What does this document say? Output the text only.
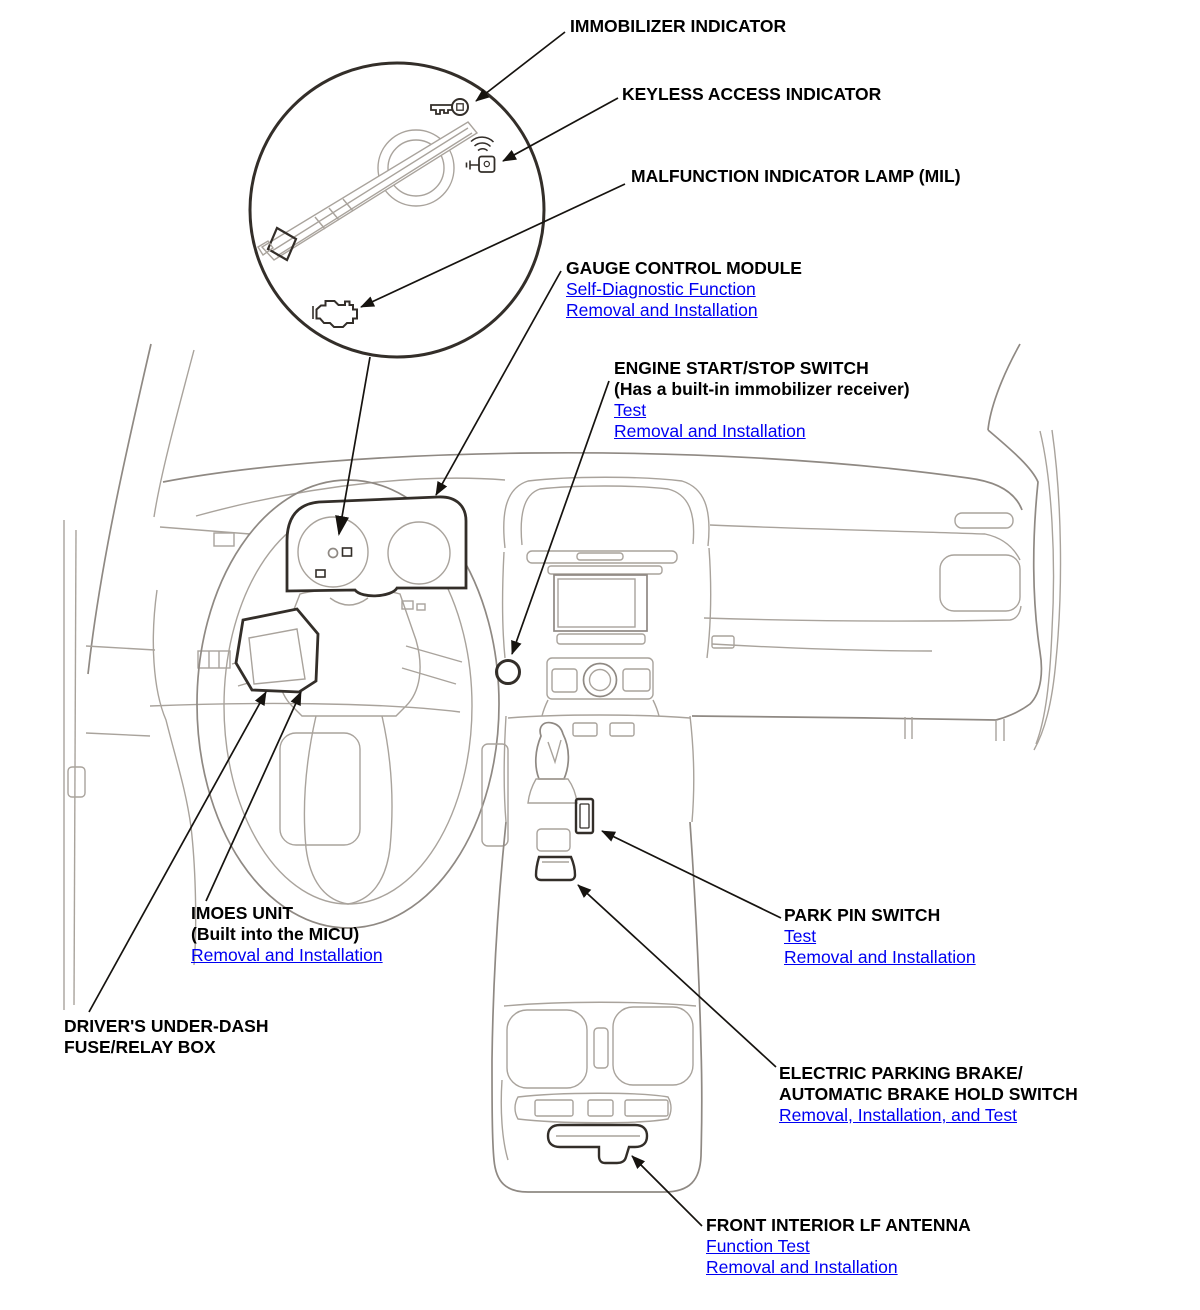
IMMOBILIZER INDICATOR
KEYLESS ACCESS INDICATOR
MALFUNCTION INDICATOR LAMP (MIL)
GAUGE CONTROL MODULE
Self-Diagnostic Function
Removal and Installation
ENGINE START/STOP SWITCH
(Has a built-in immobilizer receiver)
Test
Removal and Installation
IMOES UNIT
(Built into the MICU)
Removal and Installation
DRIVER'S UNDER-DASH
FUSE/RELAY BOX
PARK PIN SWITCH
Test
Removal and Installation
ELECTRIC PARKING BRAKE/
AUTOMATIC BRAKE HOLD SWITCH
Removal, Installation, and Test
FRONT INTERIOR LF ANTENNA
Function Test
Removal and Installation
